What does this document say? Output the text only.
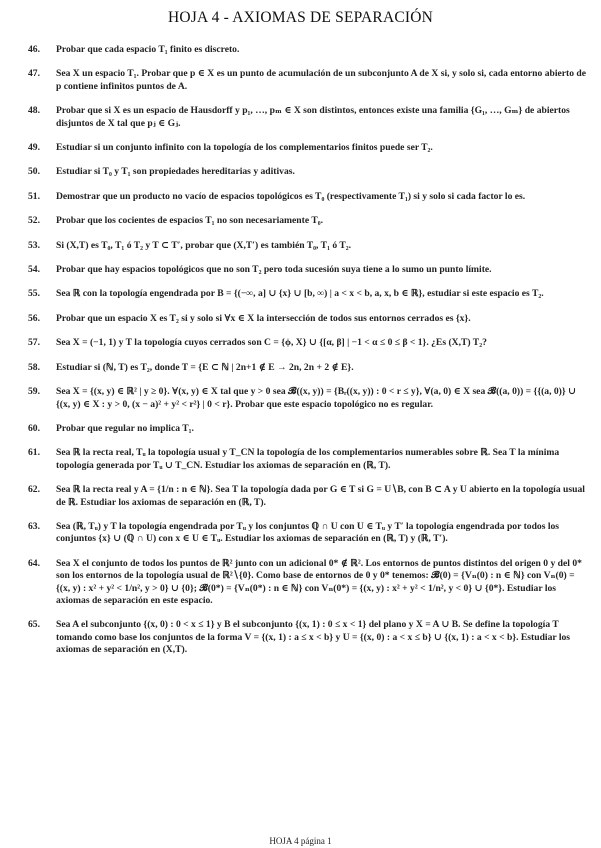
HOJA 4 - AXIOMAS DE SEPARACIÓN
46.	Probar que cada espacio T₁ finito es discreto.
47.	Sea X un espacio T₁. Probar que p ∈ X es un punto de acumulación de un subconjunto A de X si, y solo si, cada entorno abierto de p contiene infinitos puntos de A.
48.	Probar que si X es un espacio de Hausdorff y p₁, …, pₘ ∈ X son distintos, entonces existe una familia {G₁, …, Gₘ} de abiertos disjuntos de X tal que pⱼ ∈ Gⱼ.
49.	Estudiar si un conjunto infinito con la topología de los complementarios finitos puede ser T₂.
50.	Estudiar si T₀ y T₁ son propiedades hereditarias y aditivas.
51.	Demostrar que un producto no vacío de espacios topológicos es T₀ (respectivamente T₁) si y solo si cada factor lo es.
52.	Probar que los cocientes de espacios T₁ no son necesariamente T₀.
53.	Si (X,T) es T₀, T₁ ó T₂ y T ⊂ T′, probar que (X,T′) es también T₀, T₁ ó T₂.
54.	Probar que hay espacios topológicos que no son T₂ pero toda sucesión suya tiene a lo sumo un punto límite.
55.	Sea ℝ con la topología engendrada por B = {(−∞, a] ∪ {x} ∪ [b, ∞) | a < x < b, a, x, b ∈ ℝ}, estudiar si este espacio es T₂.
56.	Probar que un espacio X es T₂ si y solo si ∀x ∈ X la intersección de todos sus entornos cerrados es {x}.
57.	Sea X = (−1, 1) y T la topología cuyos cerrados son C = {ϕ, X} ∪ {[α, β] | −1 < α ≤ 0 ≤ β < 1}. ¿Es (X,T) T₂?
58.	Estudiar si (ℕ, T) es T₂, donde T = {E ⊂ ℕ | 2n+1 ∉ E → 2n, 2n + 2 ∉ E}.
59.	Sea X = {(x, y) ∈ ℝ² | y ≥ 0}. ∀(x, y) ∈ X tal que y > 0 sea 𝓑((x, y)) = {Bᵣ((x, y)) : 0 < r ≤ y}, ∀(a, 0) ∈ X sea 𝓑((a, 0)) = {{(a, 0)} ∪ {(x, y) ∈ X : y > 0, (x − a)² + y² < r²} | 0 < r}. Probar que este espacio topológico no es regular.
60.	Probar que regular no implica T₁.
61.	Sea ℝ la recta real, Tᵤ la topología usual y T_CN la topología de los complementarios numerables sobre ℝ. Sea T la mínima topología generada por Tᵤ ∪ T_CN. Estudiar los axiomas de separación en (ℝ, T).
62.	Sea ℝ la recta real y A = {1/n : n ∈ ℕ}. Sea T la topología dada por G ∈ T si G = U∖B, con B ⊂ A y U abierto en la topología usual de ℝ. Estudiar los axiomas de separación en (ℝ, T).
63.	Sea (ℝ, Tᵤ) y T la topología engendrada por Tᵤ y los conjuntos ℚ ∩ U con U ∈ Tᵤ y T′ la topología engendrada por todos los conjuntos {x} ∪ (ℚ ∩ U) con x ∈ U ∈ Tᵤ. Estudiar los axiomas de separación en (ℝ, T) y (ℝ, T′).
64.	Sea X el conjunto de todos los puntos de ℝ² junto con un adicional 0* ∉ ℝ². Los entornos de puntos distintos del origen 0 y del 0* son los entornos de la topología usual de ℝ²∖{0}. Como base de entornos de 0 y 0* tenemos: 𝓑(0) = {Vₙ(0) : n ∈ ℕ} con Vₙ(0) = {(x, y) : x² + y² < 1/n², y > 0} ∪ {0}; 𝓑(0*) = {Vₙ(0*) : n ∈ ℕ} con Vₙ(0*) = {(x, y) : x² + y² < 1/n², y < 0} ∪ {0*}. Estudiar los axiomas de separación en este espacio.
65.	Sea A el subconjunto {(x, 0) : 0 < x ≤ 1} y B el subconjunto {(x, 1) : 0 ≤ x < 1} del plano y X = A ∪ B. Se define la topología T tomando como base los conjuntos de la forma V = {(x, 1) : a ≤ x < b} y U = {(x, 0) : a < x ≤ b} ∪ {(x, 1) : a < x < b}. Estudiar los axiomas de separación en (X,T).
HOJA 4 página 1
